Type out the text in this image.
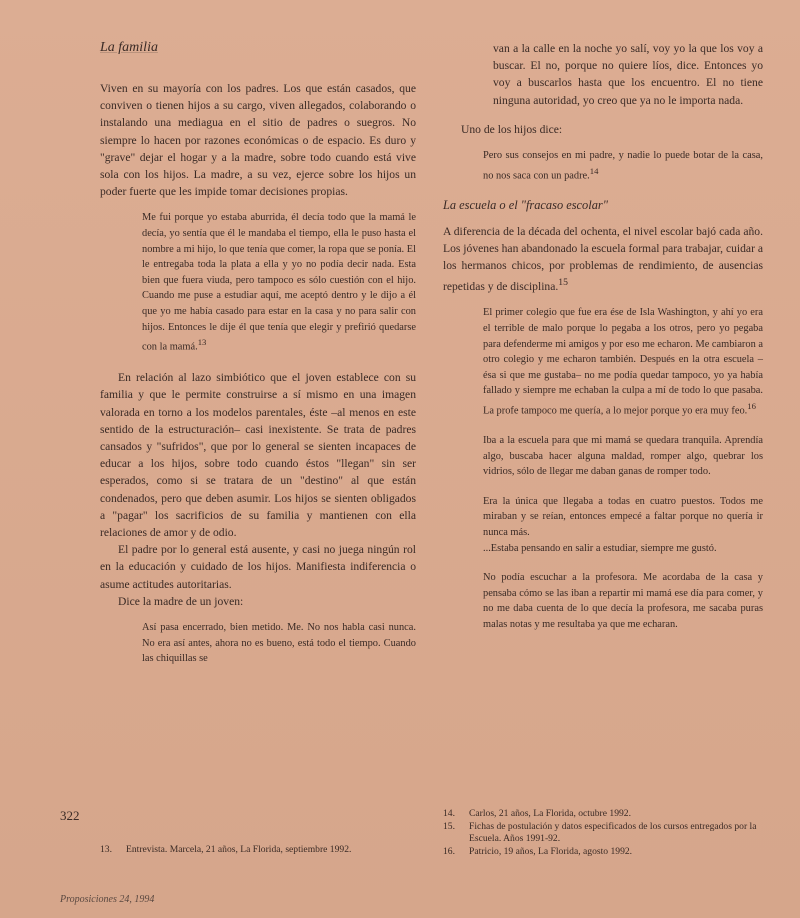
La familia

Viven en su mayoría con los padres. Los que están casados, que conviven o tienen hijos a su cargo, viven allegados, colaborando o instalando una mediagua en el sitio de padres o suegros. No siempre lo hacen por razones económicas o de espacio. Es duro y "grave" dejar el hogar y a la madre, sobre todo cuando está vive sola con los hijos. La madre, a su vez, ejerce sobre los hijos un poder fuerte que les impide tomar decisiones propias.

Me fui porque yo estaba aburrida, él decía todo que la mamá le decía, yo sentía que él le mandaba el tiempo, ella le puso hasta el nombre a mi hijo, lo que tenía que comer, la ropa que se ponía. El le entregaba toda la plata a ella y yo no podía decir nada. Esta bien que fuera viuda, pero tampoco es sólo cuestión con el hijo. Cuando me puse a estudiar aquí, me aceptó dentro y le dijo a él que yo me había casado para estar en la casa y no para salir con hijos. Entonces le dije él que tenía que elegir y prefirió quedarse con la mamá.$^{13}$

En relación al lazo simbiótico que el joven establece con su familia y que le permite construirse a sí mismo en una imagen valorada en torno a los modelos parentales, éste –al menos en este sentido de la estructuración– casi inexistente. Se trata de padres cansados y "sufridos", que por lo general se sienten incapaces de educar a los hijos, sobre todo cuando éstos "llegan" sin ser esperados, como si se tratara de un "destino" al que están condenados, pero que deben asumir. Los hijos se sienten obligados a "pagar" los sacrificios de su familia y mantienen con ella relaciones de amor y de odio.

El padre por lo general está ausente, y casi no juega ningún rol en la educación y cuidado de los hijos. Manifiesta indiferencia o asume actitudes autoritarias.

Dice la madre de un joven:

Así pasa encerrado, bien metido. Me. No nos habla casi nunca. No era así antes, ahora no es bueno, está todo el tiempo. Cuando las chiquillas se

van a la calle en la noche yo salí, voy yo la que los voy a buscar. El no, porque no quiere líos, dice. Entonces yo voy a buscarlos hasta que los encuentro. El no tiene ninguna autoridad, yo creo que ya no le importa nada.

Uno de los hijos dice:

Pero sus consejos en mi padre, y nadie lo puede botar de la casa, no nos saca con un padre.$^{14}$

La escuela o el "fracaso escolar"

A diferencia de la década del ochenta, el nivel escolar bajó cada año. Los jóvenes han abandonado la escuela formal para trabajar, cuidar a los hermanos chicos, por problemas de rendimiento, de ausencias repetidas y de disciplina.$^{15}$

El primer colegio que fue era ése de Isla Washington, y ahí yo era el terrible de malo porque lo pegaba a los otros, pero yo pegaba para defenderme mi amigos y por eso me echaron. Me cambiaron a otro colegio y me echaron también. Después en la otra escuela –ésa si que me gustaba– no me podía quedar tampoco, yo ya había fallado y siempre me echaban la culpa a mí de todo lo que pasaba. La profe tampoco me quería, a lo mejor porque yo era muy feo.$^{16}$

Iba a la escuela para que mi mamá se quedara tranquila. Aprendía algo, buscaba hacer alguna maldad, romper algo, quebrar los vidrios, sólo de llegar me daban ganas de romper todo.

Era la única que llegaba a todas en cuatro puestos. Todos me miraban y se reían, entonces empecé a faltar porque no quería ir nunca más.

...Estaba pensando en salir a estudiar, siempre me gustó.

No podía escuchar a la profesora. Me acordaba de la casa y pensaba cómo se las iban a repartir mi mamá ese día para comer, y no me daba cuenta de lo que decía la profesora, me sacaba puras malas notas y me resultaba ya que me echaran.

322
13.	Entrevista. Marcela, 21 años, La Florida, septiembre 1992.
14.	Carlos, 21 años, La Florida, octubre 1992.
15.	Fichas de postulación y datos especificados de los cursos entregados por la Escuela. Años 1991-92.
16.	Patricio, 19 años, La Florida, agosto 1992.
Proposiciones 24, 1994
